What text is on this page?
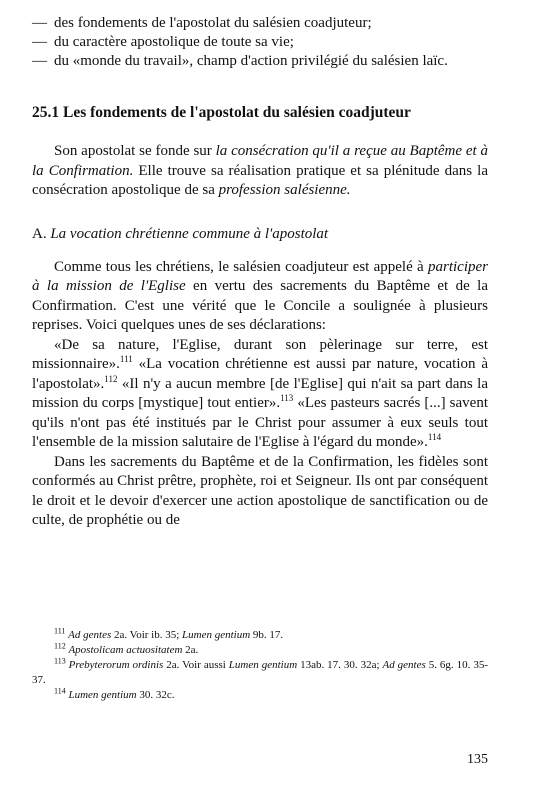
— des fondements de l'apostolat du salésien coadjuteur;
— du caractère apostolique de toute sa vie;
— du «monde du travail», champ d'action privilégié du salésien laïc.
25.1 Les fondements de l'apostolat du salésien coadjuteur

Son apostolat se fonde sur la consécration qu'il a reçue au Baptême et à la Confirmation. Elle trouve sa réalisation pratique et sa plénitude dans la consécration apostolique de sa profession salésienne.

A. La vocation chrétienne commune à l'apostolat

Comme tous les chrétiens, le salésien coadjuteur est appelé à participer à la mission de l'Eglise en vertu des sacrements du Baptême et de la Confirmation. C'est une vérité que le Concile a soulignée à plusieurs reprises. Voici quelques unes de ses déclarations:

«De sa nature, l'Eglise, durant son pèlerinage sur terre, est missionnaire».$^{111}$ «La vocation chrétienne est aussi par nature, vocation à l'apostolat».$^{112}$ «Il n'y a aucun membre [de l'Eglise] qui n'ait sa part dans la mission du corps [mystique] tout entier».$^{113}$ «Les pasteurs sacrés [...] savent qu'ils n'ont pas été institués par le Christ pour assumer à eux seuls tout l'ensemble de la mission salutaire de l'Eglise à l'égard du monde».$^{114}$

Dans les sacrements du Baptême et de la Confirmation, les fidèles sont conformés au Christ prêtre, prophète, roi et Seigneur. Ils ont par conséquent le droit et le devoir d'exercer une action apostolique de sanctification ou de culte, de prophétie ou de

$^{111}$ Ad gentes 2a. Voir ib. 35; Lumen gentium 9b. 17.
$^{112}$ Apostolicam actuositatem 2a.
$^{113}$ Prebyterorum ordinis 2a. Voir aussi Lumen gentium 13ab. 17. 30. 32a; Ad gentes 5. 6g. 10. 35-37.
$^{114}$ Lumen gentium 30. 32c.
135
